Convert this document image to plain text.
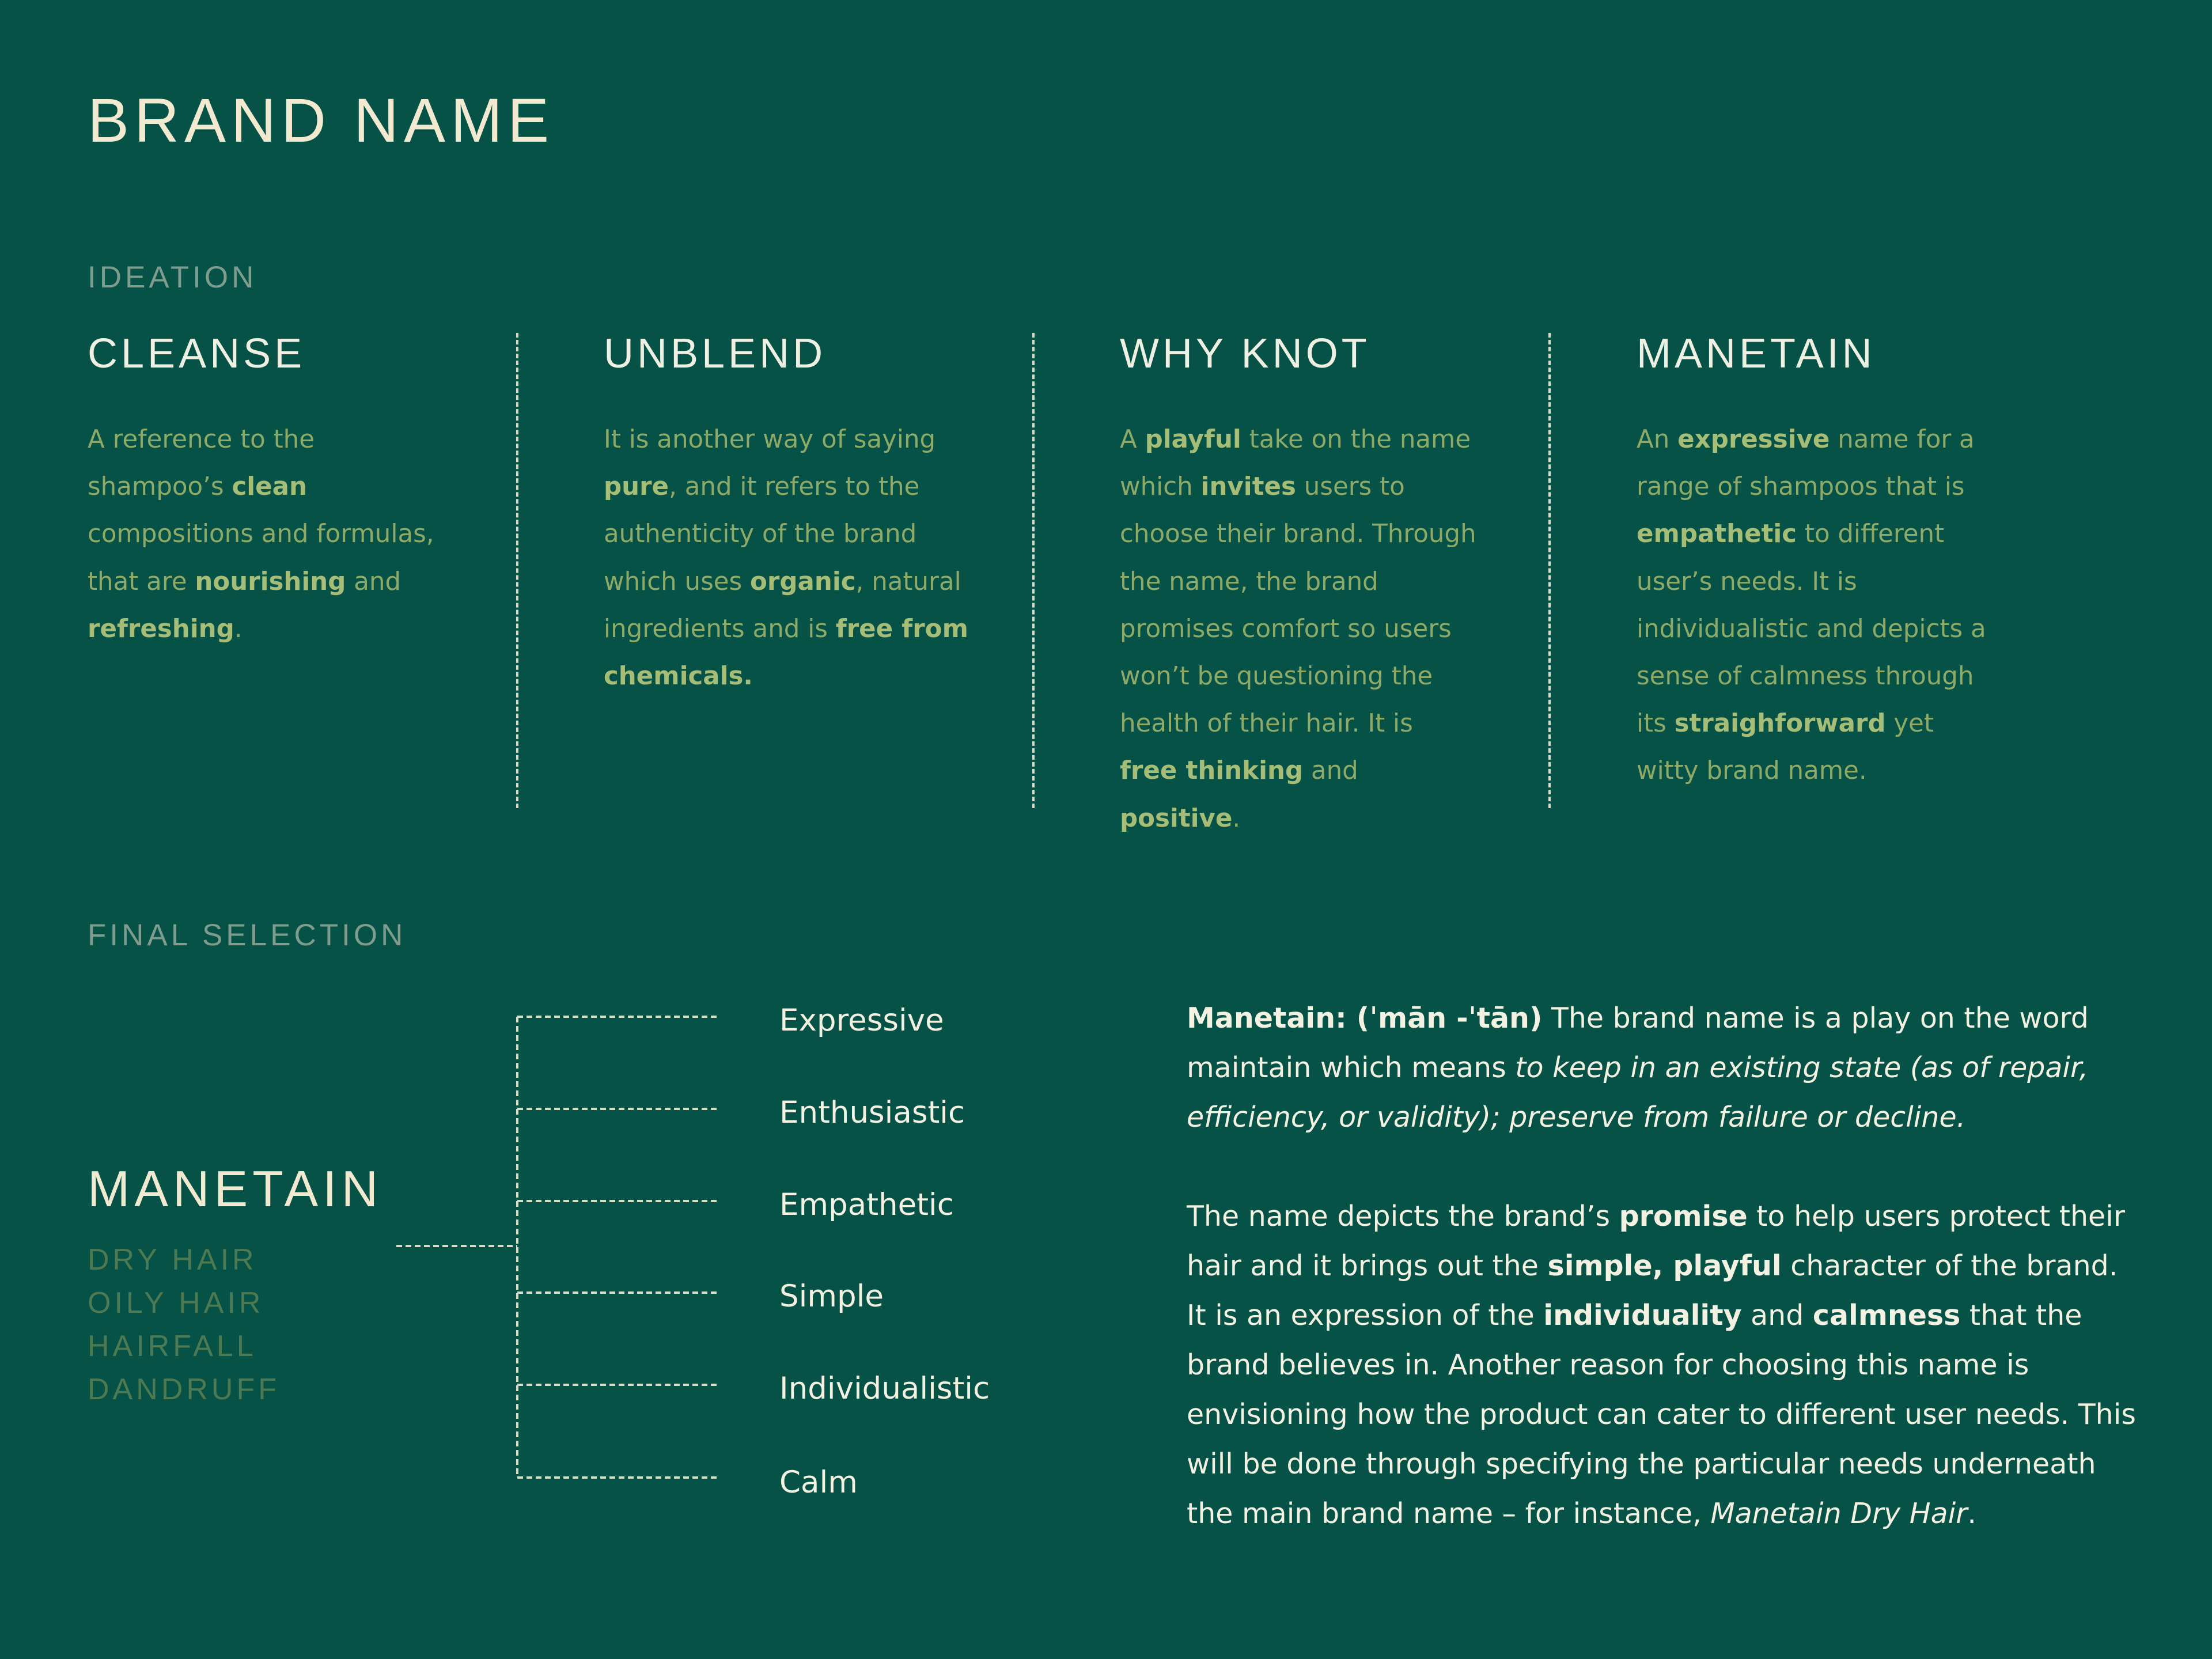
BRAND NAME
IDEATION
CLEANSE

A reference to the shampoo’s clean compositions and formulas, that are nourishing and refreshing.

UNBLEND

It is another way of saying pure, and it refers to the authenticity of the brand which uses organic, natural ingredients and is free from chemicals.

WHY KNOT

A playful take on the name which invites users to choose their brand. Through the name, the brand promises comfort so users won’t be questioning the health of their hair. It is free thinking and positive.

MANETAIN

An expressive name for a range of shampoos that is empathetic to different user’s needs. It is individualistic and depicts a sense of calmness through its straighforward yet witty brand name.

FINAL SELECTION
MANETAIN
DRY HAIR
OILY HAIR
HAIRFALL
DANDRUFF
Expressive
Enthusiastic
Empathetic
Simple
Individualistic
Calm

Manetain: (ˈmān -ˈtān) The brand name is a play on the word maintain which means to keep in an existing state (as of repair, efficiency, or validity); preserve from failure or decline.

The name depicts the brand’s promise to help users protect their hair and it brings out the simple, playful character of the brand. It is an expression of the individuality and calmness that the brand believes in. Another reason for choosing this name is envisioning how the product can cater to different user needs. This will be done through specifying the particular needs underneath the main brand name – for instance, Manetain Dry Hair.
